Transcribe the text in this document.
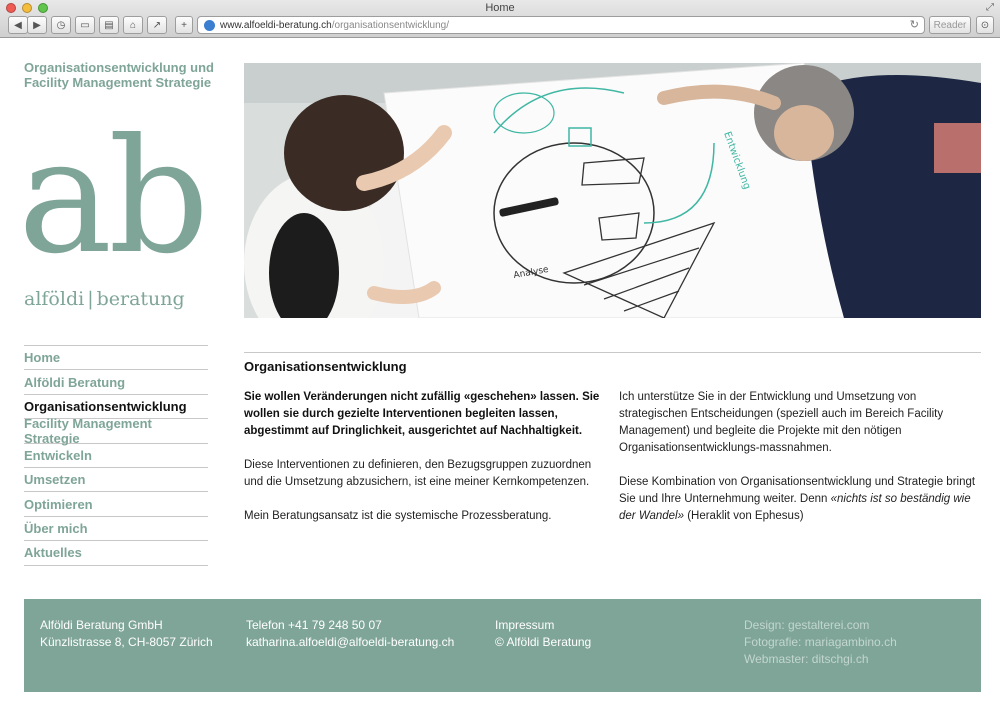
Home	⤢
◀ ▶ ◷ ▭ ▤ ⌂ ↗ +	www.alfoeldi-beratung.ch /organisationsentwicklung/	↻	Reader	⊙
Organisationsentwicklung und Facility Management Strategie
ab
alföldi | beratung
Home
Alföldi Beratung
Organisationsentwicklung
Facility Management Strategie
Entwickeln
Umsetzen
Optimieren
Über mich
Aktuelles
Entwicklung
Analyse
Organisationsentwicklung

Sie wollen Veränderungen nicht zufällig «geschehen» lassen. Sie wollen sie durch gezielte Interventionen begleiten lassen, abgestimmt auf Dringlichkeit, ausgerichtet auf Nachhaltigkeit.

Diese Interventionen zu definieren, den Bezugsgruppen zuzuordnen und die Umsetzung abzusichern, ist eine meiner Kernkompetenzen.

Mein Beratungsansatz ist die systemische Prozessberatung.

Ich unterstütze Sie in der Entwicklung und Umsetzung von strategischen Entscheidungen (speziell auch im Bereich Facility Management) und begleite die Projekte mit den nötigen Organisationsentwicklungs-massnahmen.

Diese Kombination von Organisationsentwicklung und Strategie bringt Sie und Ihre Unternehmung weiter. Denn «nichts ist so beständig wie der Wandel» (Heraklit von Ephesus)

Alföldi Beratung GmbH
Künzlistrasse 8, CH-8057 Zürich
Telefon +41 79 248 50 07
katharina.alfoeldi@alfoeldi-beratung.ch
Impressum
© Alföldi Beratung
Design: gestalterei.com
Fotografie: mariagambino.ch
Webmaster: ditschgi.ch
